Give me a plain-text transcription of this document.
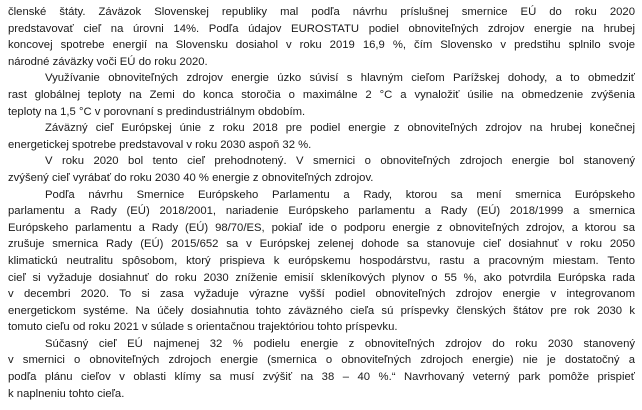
členské štáty. Záväzok Slovenskej republiky mal podľa návrhu príslušnej smernice EÚ do roku 2020
predstavovať cieľ na úrovni 14%. Podľa údajov EUROSTATU podiel obnoviteľných zdrojov energie na hrubej
koncovej spotrebe energií na Slovensku dosiahol v roku 2019 16,9 %, čím Slovensko v predstihu splnilo svoje
národné záväzky voči EÚ do roku 2020.
Využívanie obnoviteľných zdrojov energie úzko súvisí s hlavným cieľom Parížskej dohody, a to obmedziť
rast globálnej teploty na Zemi do konca storočia o maximálne 2 °C a vynaložiť úsilie na obmedzenie zvýšenia
teploty na 1,5 °C v porovnaní s predindustriálnym obdobím.
Záväzný cieľ Európskej únie z roku 2018 pre podiel energie z obnoviteľných zdrojov na hrubej konečnej
energetickej spotrebe predstavoval v roku 2030 aspoň 32 %.
V roku 2020 bol tento cieľ prehodnotený. V smernici o obnoviteľných zdrojoch energie bol stanovený
zvýšený cieľ vyrábať do roku 2030 40 % energie z obnoviteľných zdrojov.
Podľa návrhu Smernice Európskeho Parlamentu a Rady, ktorou sa mení smernica Európskeho
parlamentu a Rady (EÚ) 2018/2001, nariadenie Európskeho parlamentu a Rady (EÚ) 2018/1999 a smernica
Európskeho parlamentu a Rady (EÚ) 98/70/ES, pokiaľ ide o podporu energie z obnoviteľných zdrojov, a ktorou sa
zrušuje smernica Rady (EÚ) 2015/652 sa v Európskej zelenej dohode sa stanovuje cieľ dosiahnuť v roku 2050
klimatickú neutralitu spôsobom, ktorý prispieva k európskemu hospodárstvu, rastu a pracovným miestam. Tento
cieľ si vyžaduje dosiahnuť do roku 2030 zníženie emisií skleníkových plynov o 55 %, ako potvrdila Európska rada
v decembri 2020. To si zasa vyžaduje výrazne vyšší podiel obnoviteľných zdrojov energie v integrovanom
energetickom systéme. Na účely dosiahnutia tohto záväzného cieľa sú príspevky členských štátov pre rok 2030 k
tomuto cieľu od roku 2021 v súlade s orientačnou trajektóriou tohto príspevku.
Súčasný cieľ EÚ najmenej 32 % podielu energie z obnoviteľných zdrojov do roku 2030 stanovený
v smernici o obnoviteľných zdrojoch energie (smernica o obnoviteľných zdrojoch energie) nie je dostatočný a
podľa plánu cieľov v oblasti klímy sa musí zvýšiť na 38 – 40 %.“ Navrhovaný veterný park pomôže prispieť
k naplneniu tohto cieľa.
